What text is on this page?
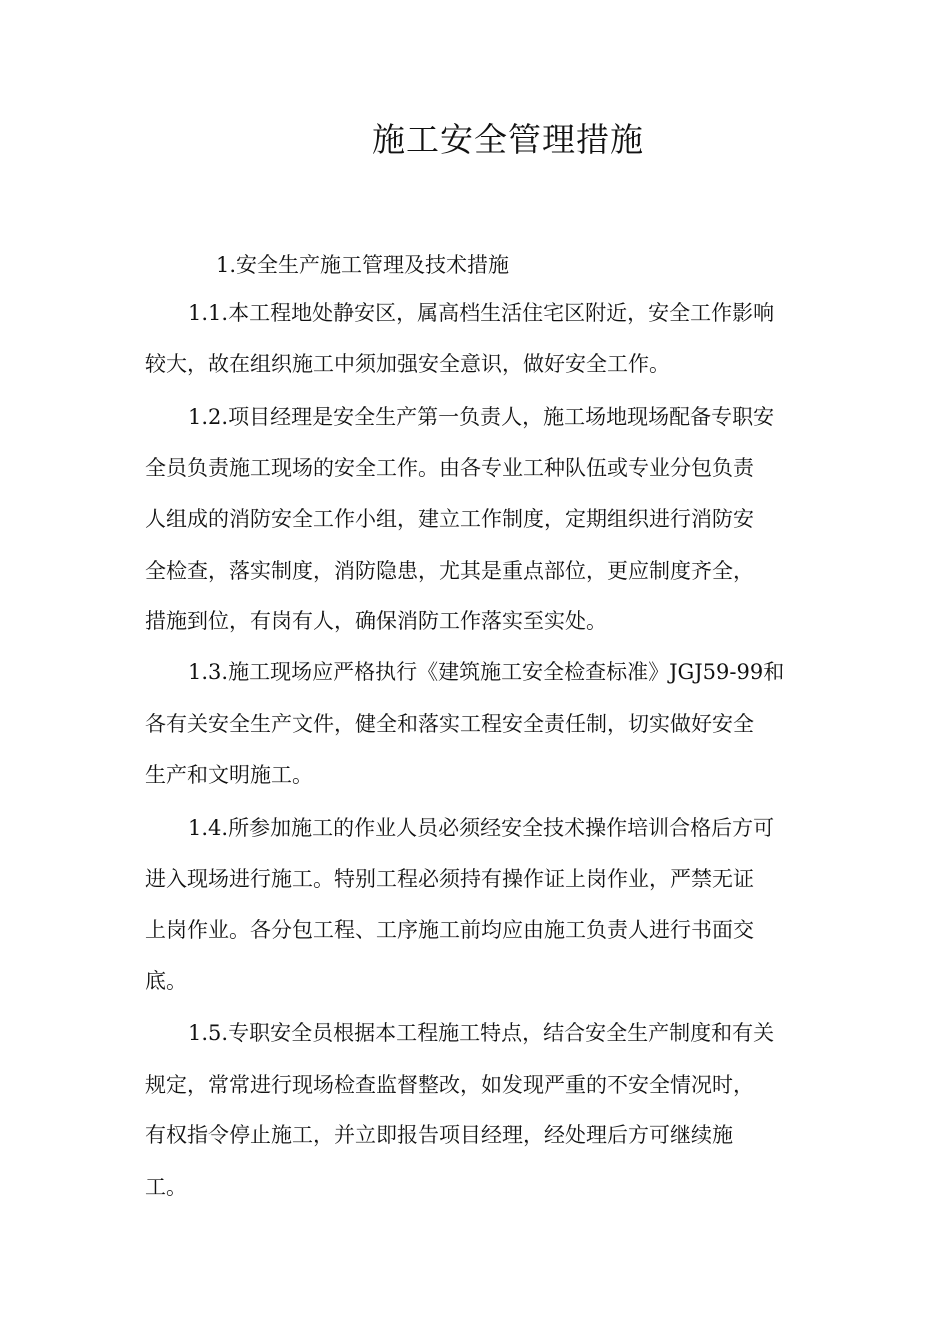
施工安全管理措施
1.安全生产施工管理及技术措施
1.1.本工程地处静安区，属高档生活住宅区附近，安全工作影响
较大，故在组织施工中须加强安全意识，做好安全工作。
1.2.项目经理是安全生产第一负责人，施工场地现场配备专职安
全员负责施工现场的安全工作。由各专业工种队伍或专业分包负责
人组成的消防安全工作小组，建立工作制度，定期组织进行消防安
全检查，落实制度，消防隐患，尤其是重点部位，更应制度齐全，
措施到位，有岗有人，确保消防工作落实至实处。
1.3.施工现场应严格执行《建筑施工安全检查标准》JGJ59-99和
各有关安全生产文件，健全和落实工程安全责任制，切实做好安全
生产和文明施工。
1.4.所参加施工的作业人员必须经安全技术操作培训合格后方可
进入现场进行施工。特别工程必须持有操作证上岗作业，严禁无证
上岗作业。各分包工程、工序施工前均应由施工负责人进行书面交
底。
1.5.专职安全员根据本工程施工特点，结合安全生产制度和有关
规定，常常进行现场检查监督整改，如发现严重的不安全情况时，
有权指令停止施工，并立即报告项目经理，经处理后方可继续施
工。
